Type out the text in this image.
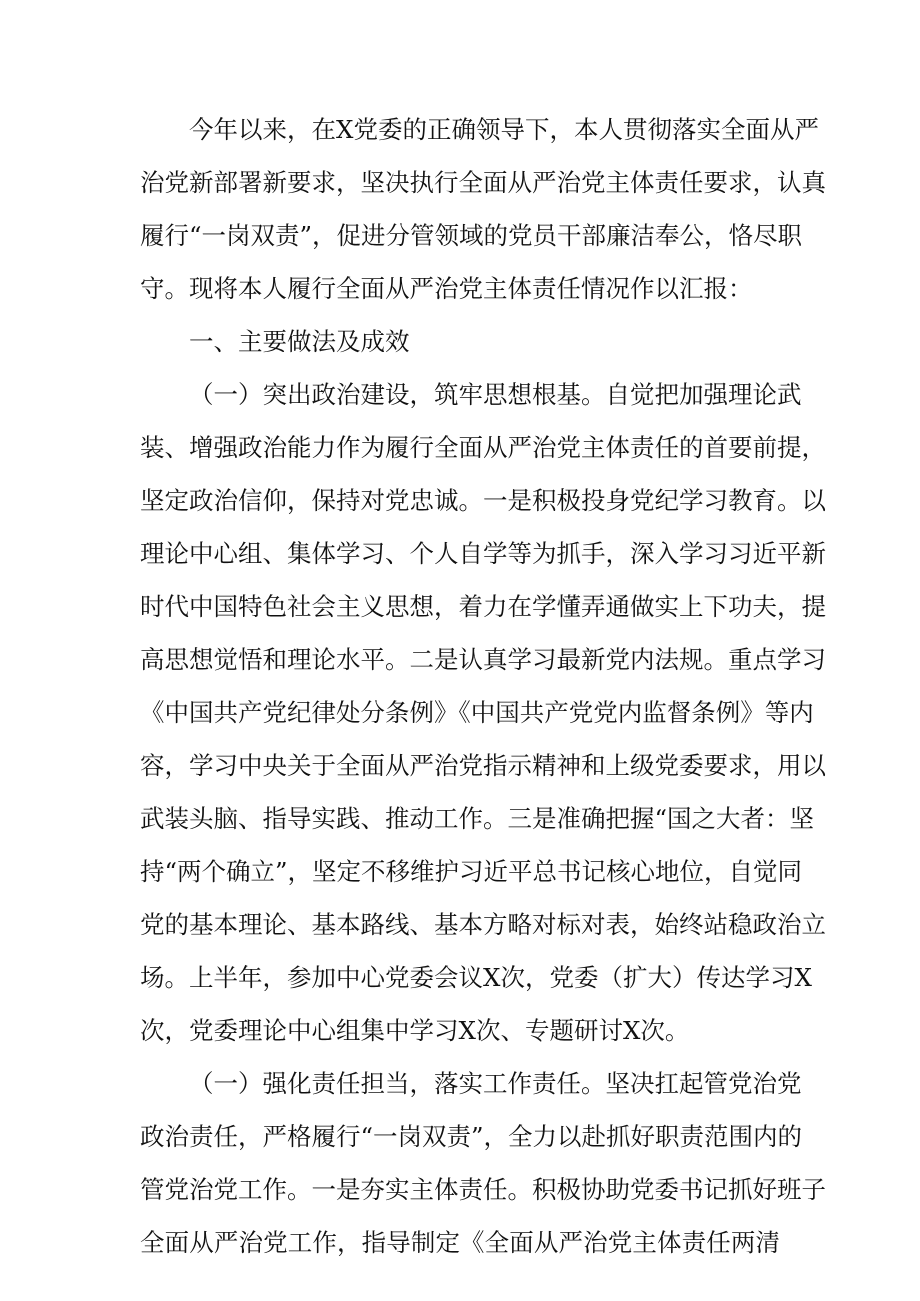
今年以来，在X党委的正确领导下，本人贯彻落实全面从严
治党新部署新要求，坚决执行全面从严治党主体责任要求，认真
履行“一岗双责”，促进分管领域的党员干部廉洁奉公，恪尽职
守。现将本人履行全面从严治党主体责任情况作以汇报：
一、主要做法及成效
（一）突出政治建设，筑牢思想根基。自觉把加强理论武
装、增强政治能力作为履行全面从严治党主体责任的首要前提，
坚定政治信仰，保持对党忠诚。一是积极投身党纪学习教育。以
理论中心组、集体学习、个人自学等为抓手，深入学习习近平新
时代中国特色社会主义思想，着力在学懂弄通做实上下功夫，提
高思想觉悟和理论水平。二是认真学习最新党内法规。重点学习
《中国共产党纪律处分条例》《中国共产党党内监督条例》等内
容，学习中央关于全面从严治党指示精神和上级党委要求，用以
武装头脑、指导实践、推动工作。三是准确把握“国之大者：坚
持“两个确立”，坚定不移维护习近平总书记核心地位，自觉同
党的基本理论、基本路线、基本方略对标对表，始终站稳政治立
场。上半年，参加中心党委会议X次，党委（扩大）传达学习X
次，党委理论中心组集中学习X次、专题研讨X次。
（一）强化责任担当，落实工作责任。坚决扛起管党治党
政治责任，严格履行“一岗双责”，全力以赴抓好职责范围内的
管党治党工作。一是夯实主体责任。积极协助党委书记抓好班子
全面从严治党工作，指导制定《全面从严治党主体责任两清
